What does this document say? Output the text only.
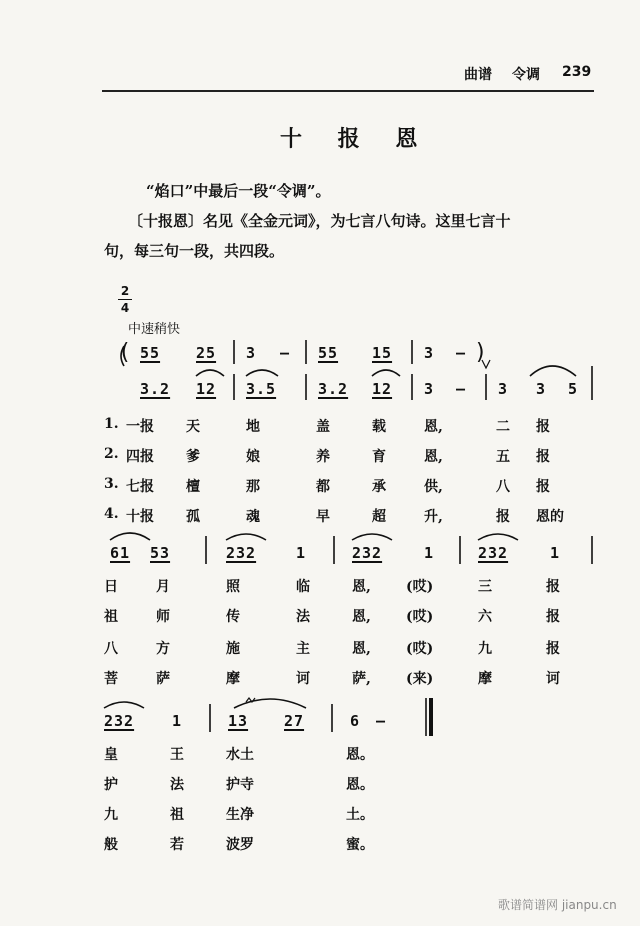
曲谱 令调 239
十 报 恩
“焰口”中最后一段“令调”。
〔十报恩〕名见《全金元词》，为七言八句诗。这里七言十
句，每三句一段，共四段。
2
4
中速稍快
( 55 25 3 — 55 15 3 — )
3.2 12 3.5	3.2 12 3 — 3 3 5
1. 一报 天	地	盖	载	恩,	二 报
2. 四报 爹	娘	养	育	恩,	五 报
3. 七报 檀	那	都	承	供,	八 报
4. 十报 孤	魂	早	超	升,	报 恩的
61 53	232	1	232	1	232	1
日	月	照	临	恩,	(哎)	三	报
祖	师	传	法	恩,	(哎)	六	报
八	方	施	主	恩,	(哎)	九	报
菩	萨	摩	诃	萨,	(来)	摩	诃
232	1	13 27	6 —
皇	王	水土	恩。
护	法	护寺	恩。
九	祖	生净	土。
般	若	波罗	蜜。
歌谱简谱网 jianpu.cn
